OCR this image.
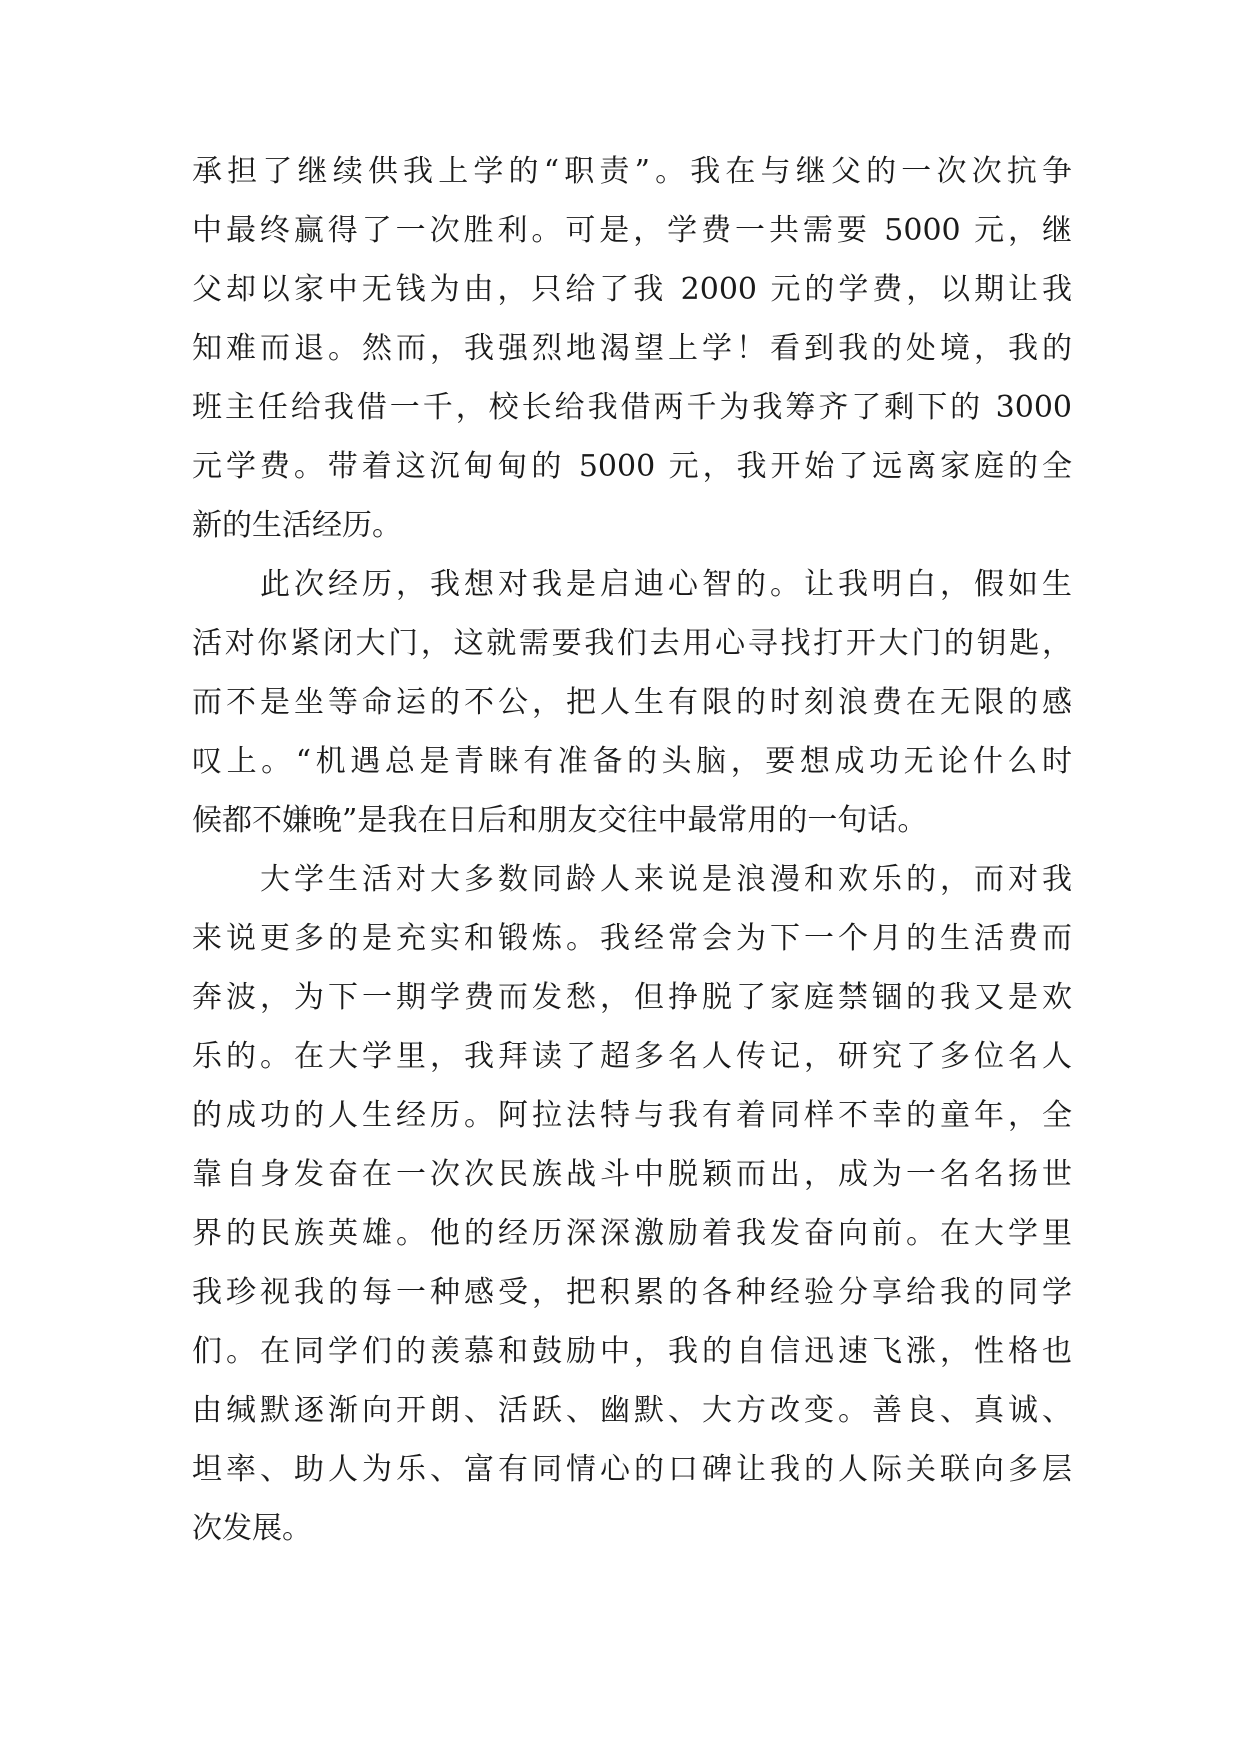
承担了继续供我上学的“职责”。我在与继父的一次次抗争
中最终赢得了一次胜利。可是，学费一共需要 5000 元，继
父却以家中无钱为由，只给了我 2000 元的学费，以期让我
知难而退。然而，我强烈地渴望上学！看到我的处境，我的
班主任给我借一千，校长给我借两千为我筹齐了剩下的 3000
元学费。带着这沉甸甸的 5000 元，我开始了远离家庭的全
新的生活经历。
　　此次经历，我想对我是启迪心智的。让我明白，假如生
活对你紧闭大门，这就需要我们去用心寻找打开大门的钥匙，
而不是坐等命运的不公，把人生有限的时刻浪费在无限的感
叹上。“机遇总是青睐有准备的头脑，要想成功无论什么时
候都不嫌晚”是我在日后和朋友交往中最常用的一句话。
　　大学生活对大多数同龄人来说是浪漫和欢乐的，而对我
来说更多的是充实和锻炼。我经常会为下一个月的生活费而
奔波，为下一期学费而发愁，但挣脱了家庭禁锢的我又是欢
乐的。在大学里，我拜读了超多名人传记，研究了多位名人
的成功的人生经历。阿拉法特与我有着同样不幸的童年，全
靠自身发奋在一次次民族战斗中脱颖而出，成为一名名扬世
界的民族英雄。他的经历深深激励着我发奋向前。在大学里
我珍视我的每一种感受，把积累的各种经验分享给我的同学
们。在同学们的羡慕和鼓励中，我的自信迅速飞涨，性格也
由缄默逐渐向开朗、活跃、幽默、大方改变。善良、真诚、
坦率、助人为乐、富有同情心的口碑让我的人际关联向多层
次发展。
